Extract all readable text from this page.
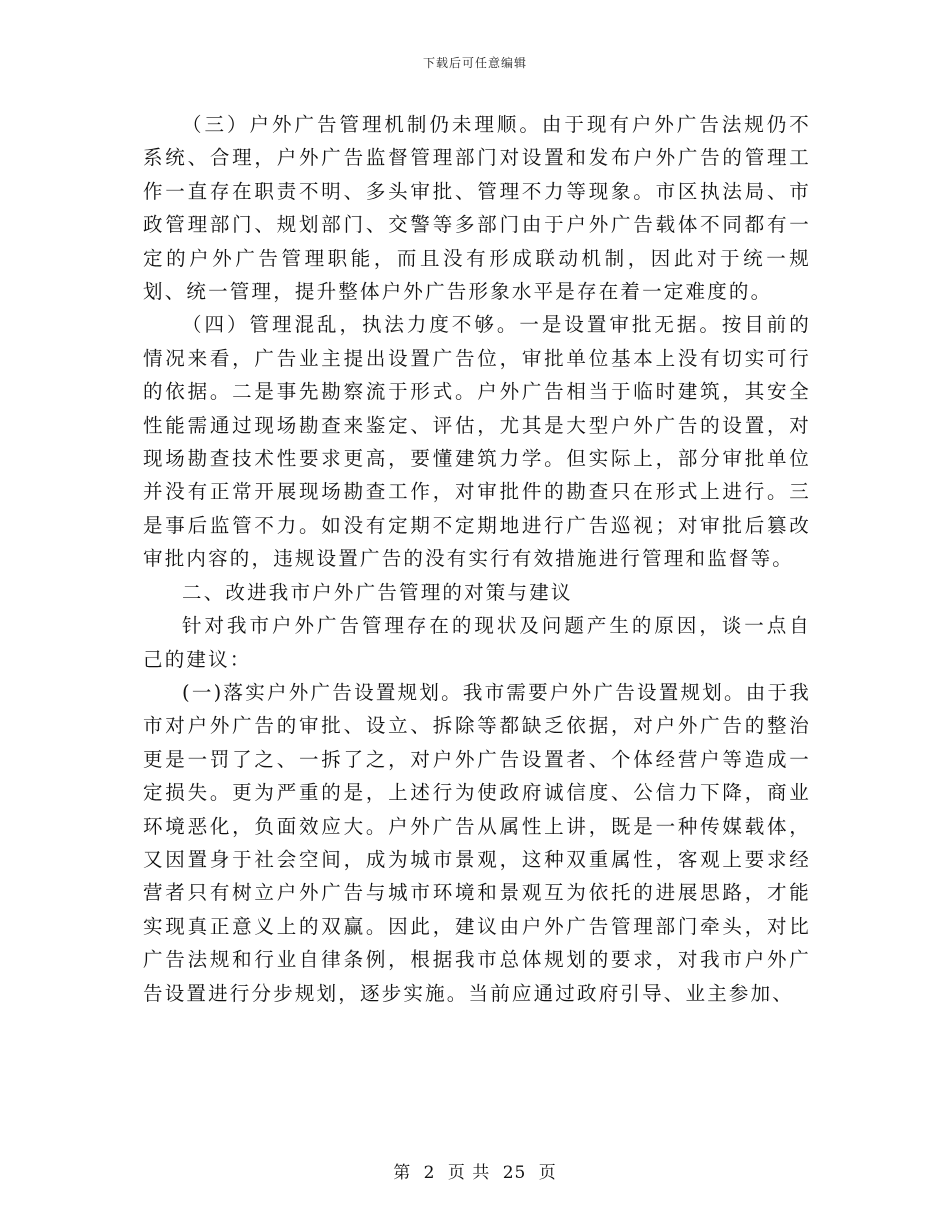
下载后可任意编辑

（三）户外广告管理机制仍未理顺。由于现有户外广告法规仍不系统、合理，户外广告监督管理部门对设置和发布户外广告的管理工作一直存在职责不明、多头审批、管理不力等现象。市区执法局、市政管理部门、规划部门、交警等多部门由于户外广告载体不同都有一定的户外广告管理职能，而且没有形成联动机制，因此对于统一规划、统一管理，提升整体户外广告形象水平是存在着一定难度的。

（四）管理混乱，执法力度不够。一是设置审批无据。按目前的情况来看，广告业主提出设置广告位，审批单位基本上没有切实可行的依据。二是事先勘察流于形式。户外广告相当于临时建筑，其安全性能需通过现场勘查来鉴定、评估，尤其是大型户外广告的设置，对现场勘查技术性要求更高，要懂建筑力学。但实际上，部分审批单位并没有正常开展现场勘查工作，对审批件的勘查只在形式上进行。三是事后监管不力。如没有定期不定期地进行广告巡视；对审批后篡改审批内容的，违规设置广告的没有实行有效措施进行管理和监督等。

二、改进我市户外广告管理的对策与建议

针对我市户外广告管理存在的现状及问题产生的原因，谈一点自己的建议：

(一)落实户外广告设置规划。我市需要户外广告设置规划。由于我市对户外广告的审批、设立、拆除等都缺乏依据，对户外广告的整治更是一罚了之、一拆了之，对户外广告设置者、个体经营户等造成一定损失。更为严重的是，上述行为使政府诚信度、公信力下降，商业环境恶化，负面效应大。户外广告从属性上讲，既是一种传媒载体，又因置身于社会空间，成为城市景观，这种双重属性，客观上要求经营者只有树立户外广告与城市环境和景观互为依托的进展思路，才能实现真正意义上的双赢。因此，建议由户外广告管理部门牵头，对比广告法规和行业自律条例，根据我市总体规划的要求，对我市户外广告设置进行分步规划，逐步实施。当前应通过政府引导、业主参加、

第 2 页 共 25 页
